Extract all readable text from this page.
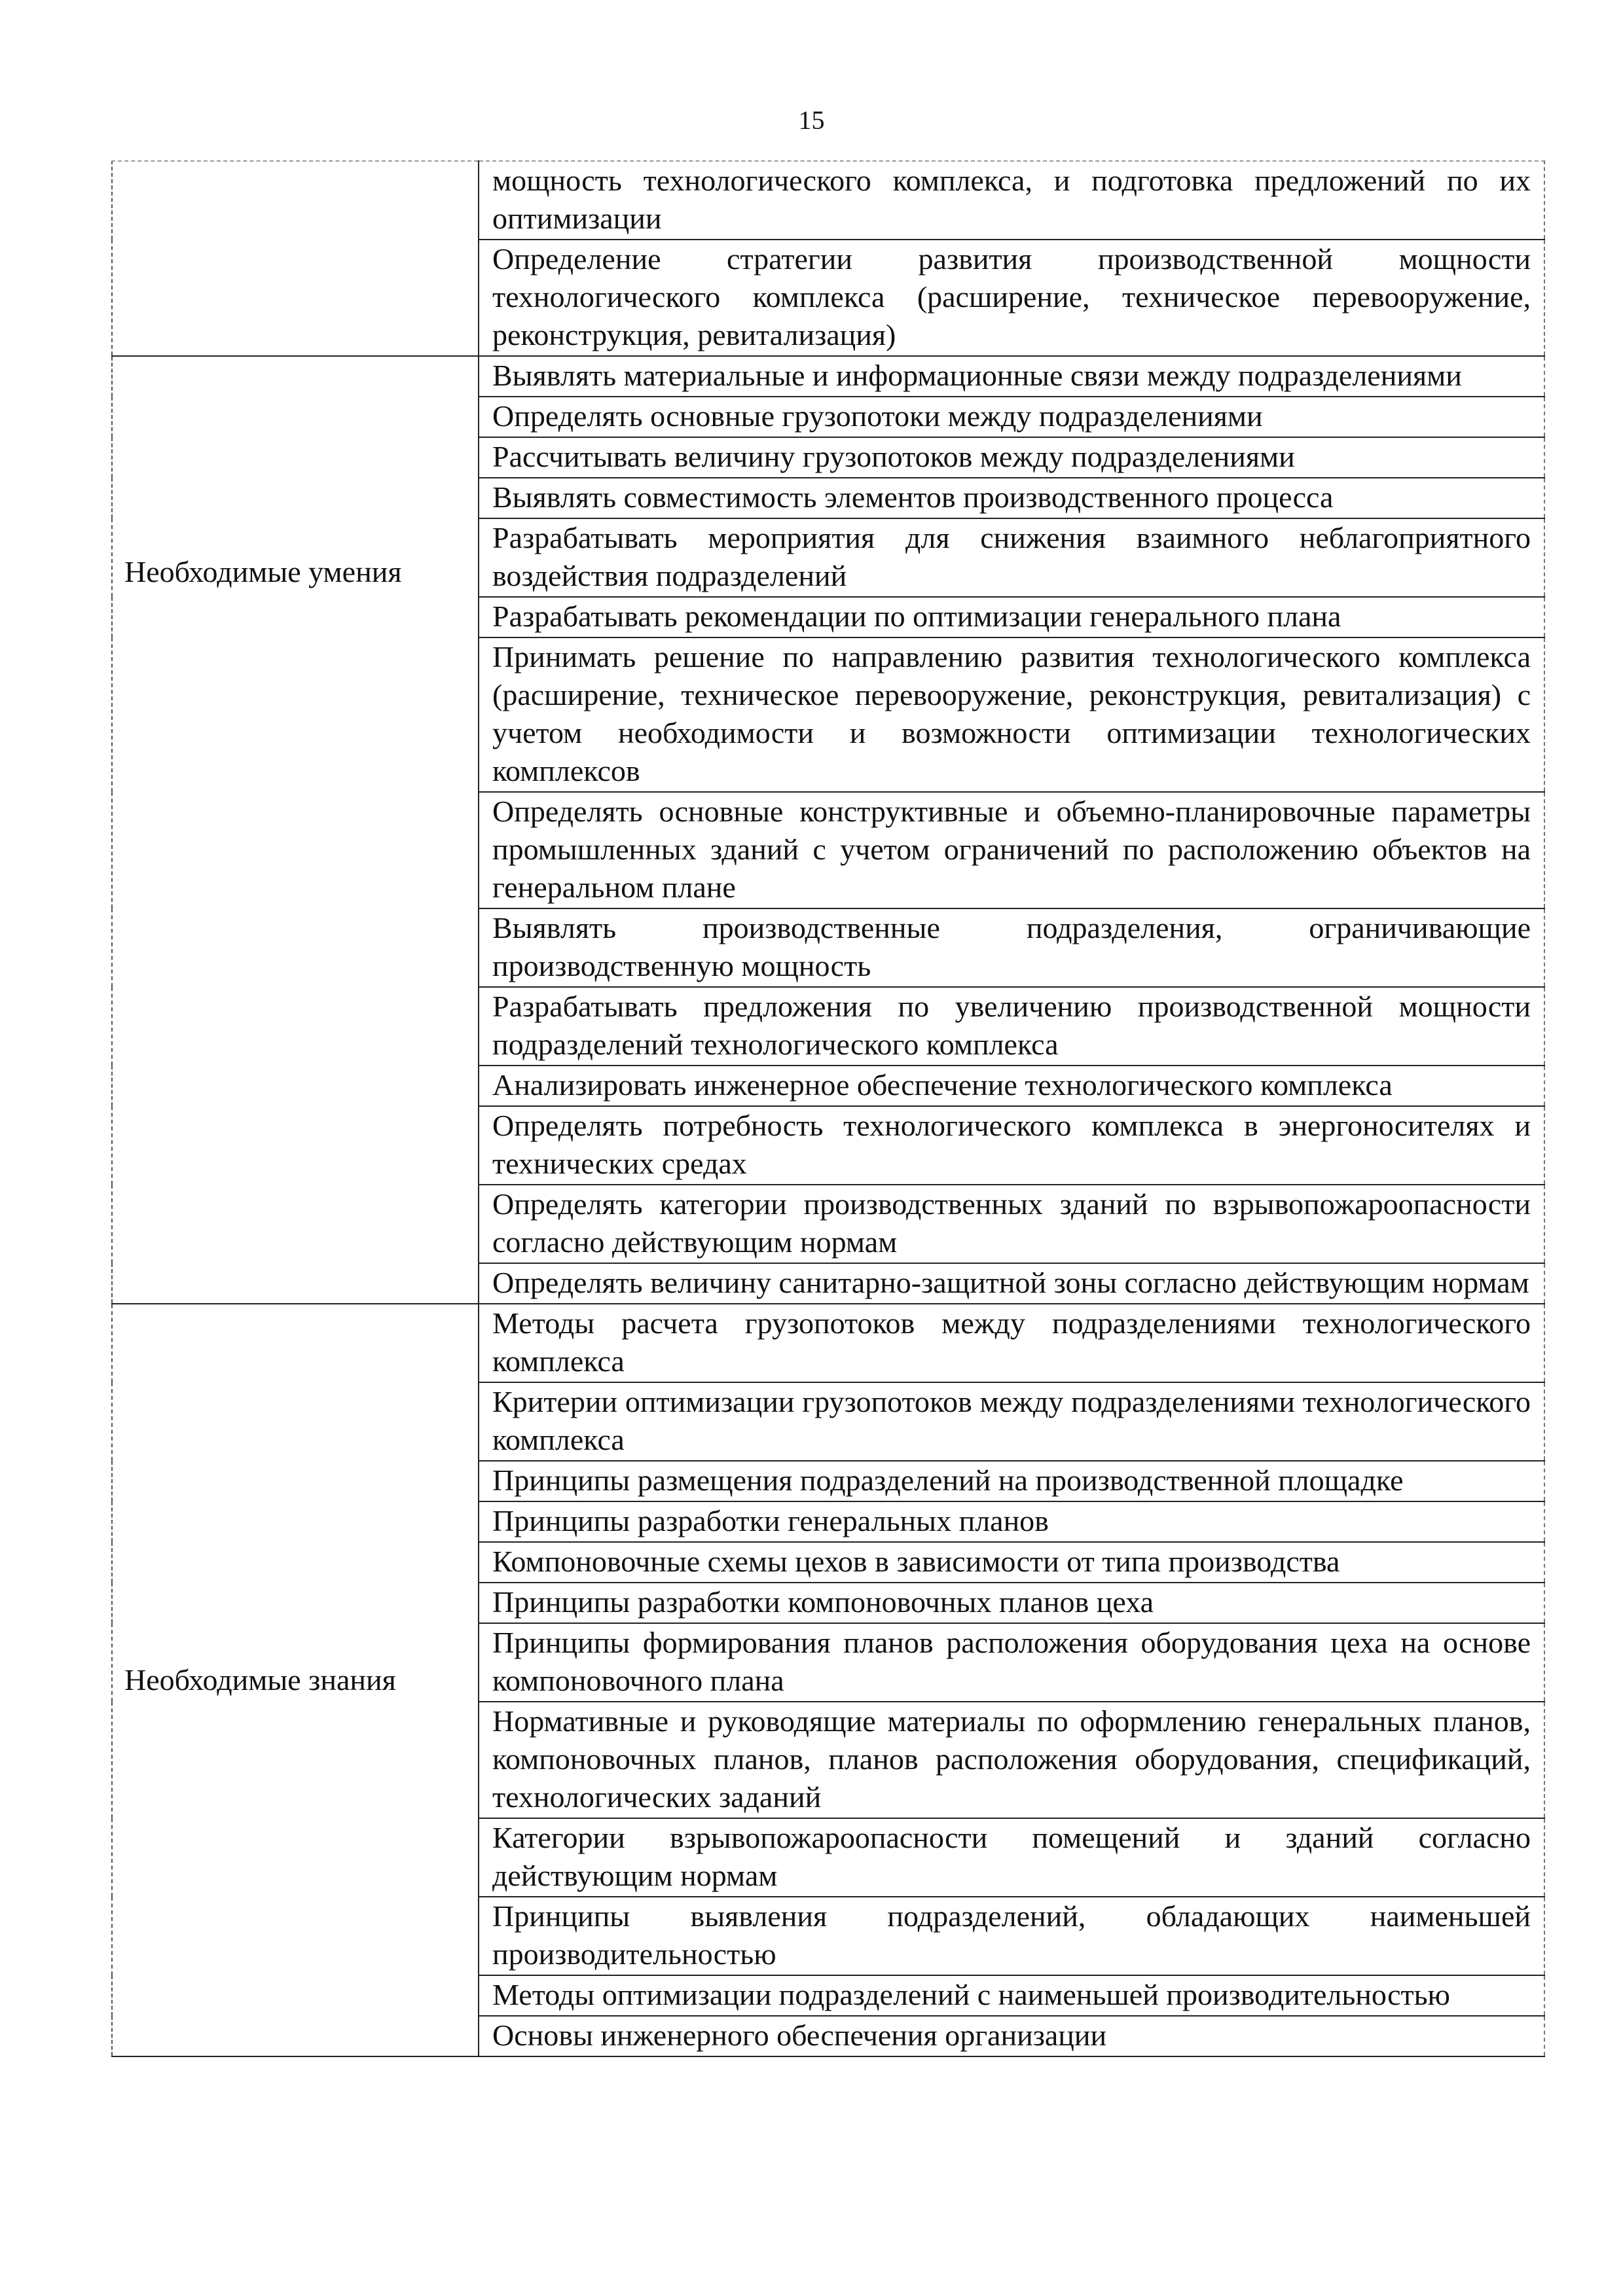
15

	мощность технологического комплекса, и подготовка предложений по их оптимизации

	Определение стратегии развития производственной мощности технологического комплекса (расширение, техническое перевооружение, реконструкция, ревитализация)

Необходимые умения	Выявлять материальные и информационные связи между подразделениями

	Определять основные грузопотоки между подразделениями

	Рассчитывать величину грузопотоков между подразделениями

	Выявлять совместимость элементов производственного процесса

	Разрабатывать мероприятия для снижения взаимного неблагоприятного воздействия подразделений

	Разрабатывать рекомендации по оптимизации генерального плана

	Принимать решение по направлению развития технологического комплекса (расширение, техническое перевооружение, реконструкция, ревитализация) с учетом необходимости и возможности оптимизации технологических комплексов

	Определять основные конструктивные и объемно-планировочные параметры промышленных зданий с учетом ограничений по расположению объектов на генеральном плане

	Выявлять производственные подразделения, ограничивающие производственную мощность

	Разрабатывать предложения по увеличению производственной мощности подразделений технологического комплекса

	Анализировать инженерное обеспечение технологического комплекса

	Определять потребность технологического комплекса в энергоносителях и технических средах

	Определять категории производственных зданий по взрывопожароопасности согласно действующим нормам

	Определять величину санитарно-защитной зоны согласно действующим нормам

Необходимые знания	Методы расчета грузопотоков между подразделениями технологического комплекса

	Критерии оптимизации грузопотоков между подразделениями технологического комплекса

	Принципы размещения подразделений на производственной площадке

	Принципы разработки генеральных планов

	Компоновочные схемы цехов в зависимости от типа производства

	Принципы разработки компоновочных планов цеха

	Принципы формирования планов расположения оборудования цеха на основе компоновочного плана

	Нормативные и руководящие материалы по оформлению генеральных планов, компоновочных планов, планов расположения оборудования, спецификаций, технологических заданий

	Категории взрывопожароопасности помещений и зданий согласно действующим нормам

	Принципы выявления подразделений, обладающих наименьшей производительностью

	Методы оптимизации подразделений с наименьшей производительностью

	Основы инженерного обеспечения организации
